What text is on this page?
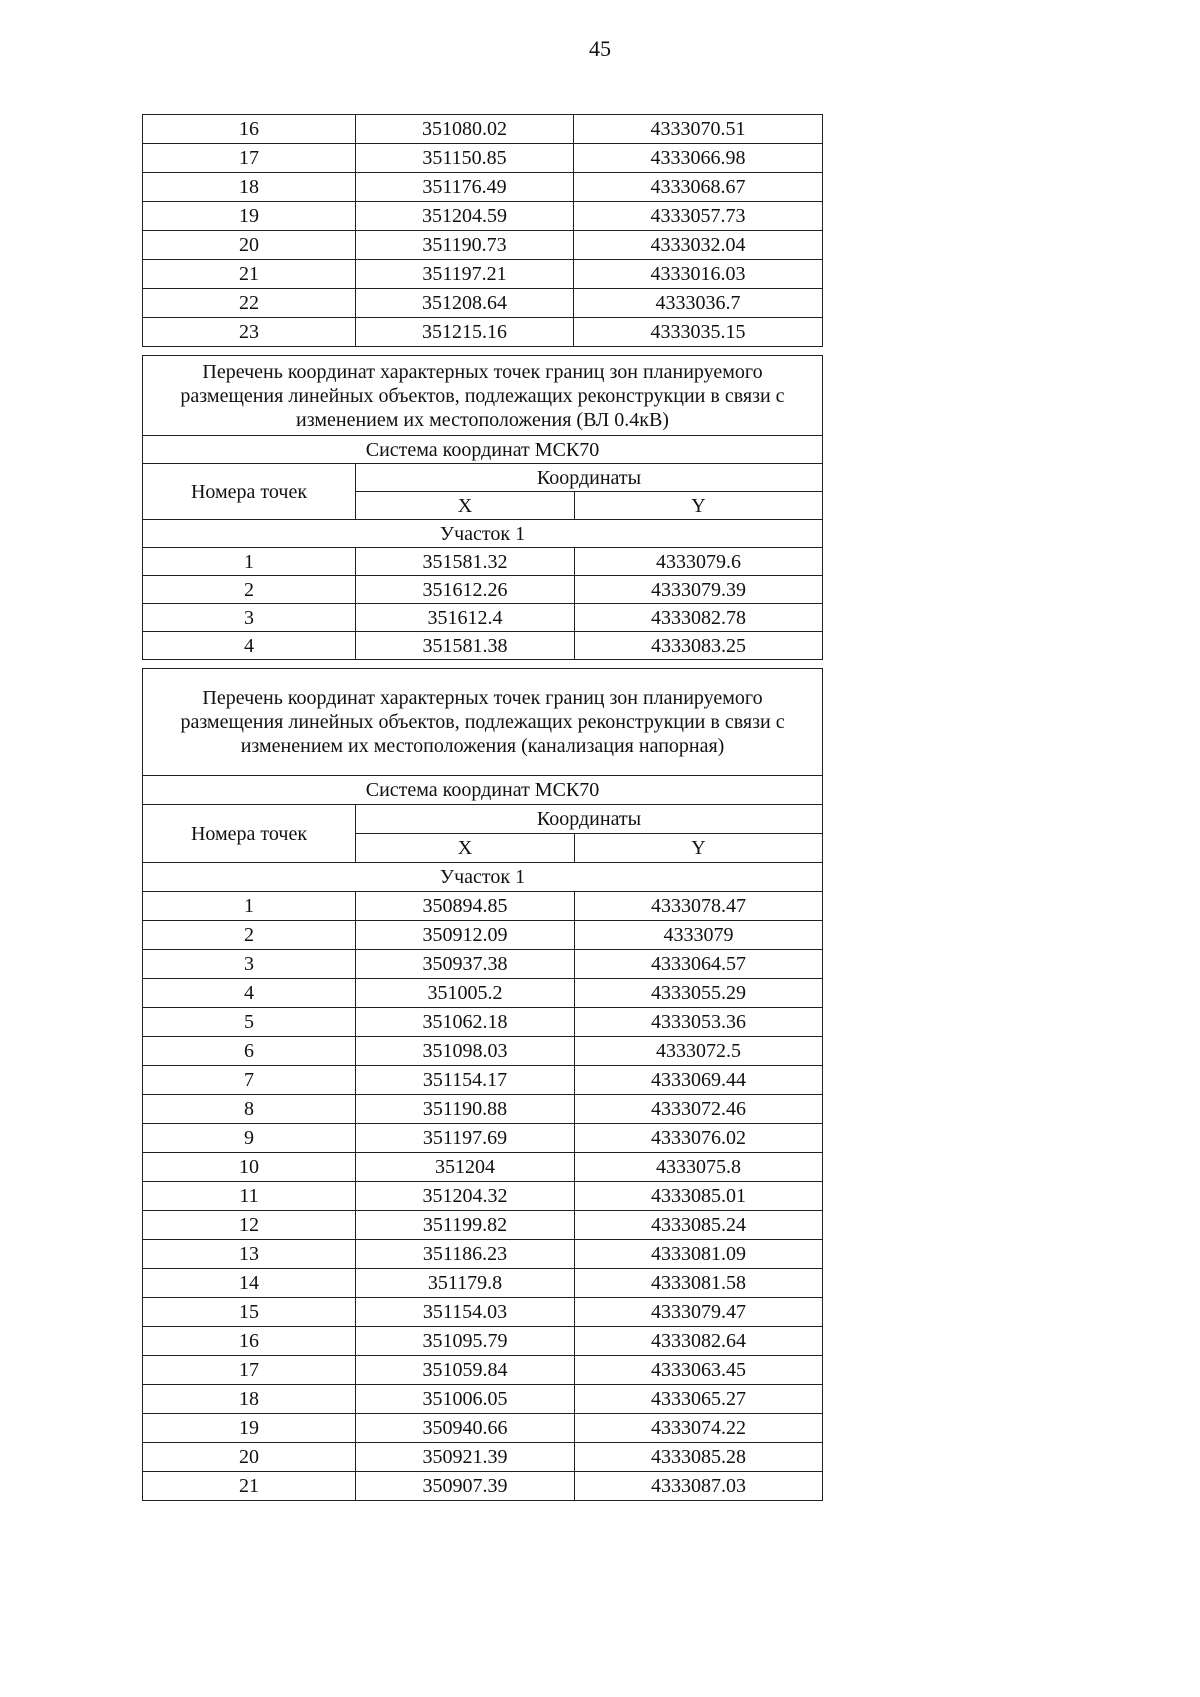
45
16	351080.02	4333070.51
17	351150.85	4333066.98
18	351176.49	4333068.67
19	351204.59	4333057.73
20	351190.73	4333032.04
21	351197.21	4333016.03
22	351208.64	4333036.7
23	351215.16	4333035.15
Перечень координат характерных точек границ зон планируемого размещения линейных объектов, подлежащих реконструкции в связи с изменением их местоположения (ВЛ 0.4кВ)		
Система координат МСК70		
Номера точек	Координаты	
	X	Y
Участок 1		
1	351581.32	4333079.6
2	351612.26	4333079.39
3	351612.4	4333082.78
4	351581.38	4333083.25
Перечень координат характерных точек границ зон планируемого размещения линейных объектов, подлежащих реконструкции в связи с изменением их местоположения (канализация напорная)		
Система координат МСК70		
Номера точек	Координаты	
	X	Y
Участок 1		
1	350894.85	4333078.47
2	350912.09	4333079
3	350937.38	4333064.57
4	351005.2	4333055.29
5	351062.18	4333053.36
6	351098.03	4333072.5
7	351154.17	4333069.44
8	351190.88	4333072.46
9	351197.69	4333076.02
10	351204	4333075.8
11	351204.32	4333085.01
12	351199.82	4333085.24
13	351186.23	4333081.09
14	351179.8	4333081.58
15	351154.03	4333079.47
16	351095.79	4333082.64
17	351059.84	4333063.45
18	351006.05	4333065.27
19	350940.66	4333074.22
20	350921.39	4333085.28
21	350907.39	4333087.03
